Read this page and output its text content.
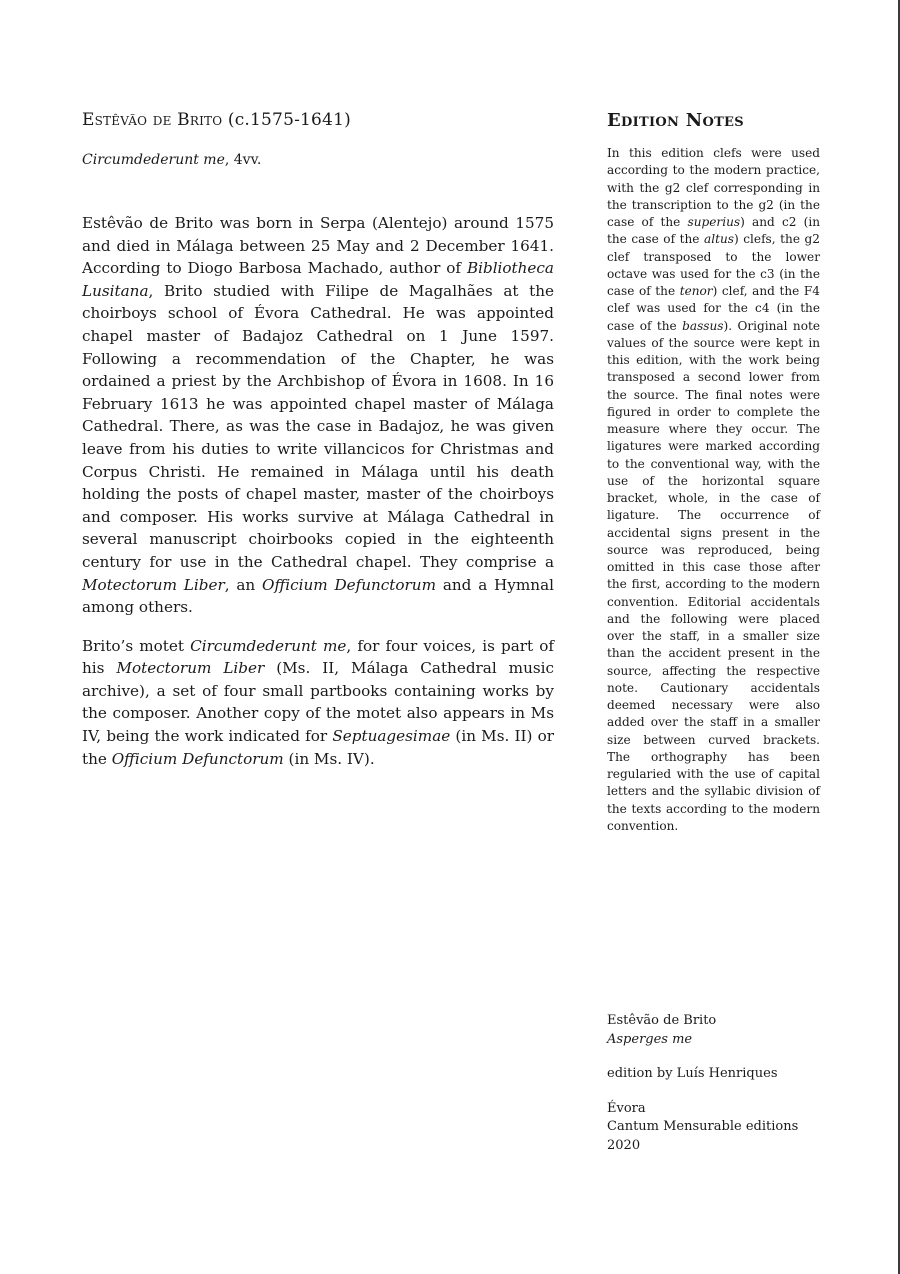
Estêvão de Brito (c.1575-1641)
Circumdederunt me, 4vv.

Estêvão de Brito was born in Serpa (Alentejo) around 1575 and died in Málaga between 25 May and 2 December 1641. According to Diogo Barbosa Machado, author of Bibliotheca Lusitana, Brito studied with Filipe de Magalhães at the choirboys school of Évora Cathedral. He was appointed chapel master of Badajoz Cathedral on 1 June 1597. Following a recommendation of the Chapter, he was ordained a priest by the Archbishop of Évora in 1608. In 16 February 1613 he was appointed chapel master of Málaga Cathedral. There, as was the case in Badajoz, he was given leave from his duties to write villancicos for Christmas and Corpus Christi. He remained in Málaga until his death holding the posts of chapel master, master of the choirboys and composer. His works survive at Málaga Cathedral in several manuscript choirbooks copied in the eighteenth century for use in the Cathedral chapel. They comprise a Motectorum Liber, an Officium Defunctorum and a Hymnal among others.

Brito’s motet Circumdederunt me, for four voices, is part of his Motectorum Liber (Ms. II, Málaga Cathedral music archive), a set of four small partbooks containing works by the composer. Another copy of the motet also appears in Ms IV, being the work indicated for Septuagesimae (in Ms. II) or the Officium Defunctorum (in Ms. IV).

Edition Notes
In this edition clefs were used according to the modern practice, with the g2 clef corresponding in the transcription to the g2 (in the case of the superius) and c2 (in the case of the altus) clefs, the g2 clef transposed to the lower octave was used for the c3 (in the case of the tenor) clef, and the F4 clef was used for the c4 (in the case of the bassus). Original note values of the source were kept in this edition, with the work being transposed a second lower from the source. The final notes were figured in order to complete the measure where they occur. The ligatures were marked according to the conventional way, with the use of the horizontal square bracket, whole, in the case of ligature. The occurrence of accidental signs present in the source was reproduced, being omitted in this case those after the first, according to the modern convention. Editorial accidentals and the following were placed over the staff, in a smaller size than the accident present in the source, affecting the respective note. Cautionary accidentals deemed necessary were also added over the staff in a smaller size between curved brackets. The orthography has been regularied with the use of capital letters and the syllabic division of the texts according to the modern convention.
Estêvão de Brito
Asperges me
edition by Luís Henriques
Évora
Cantum Mensurable editions
2020
